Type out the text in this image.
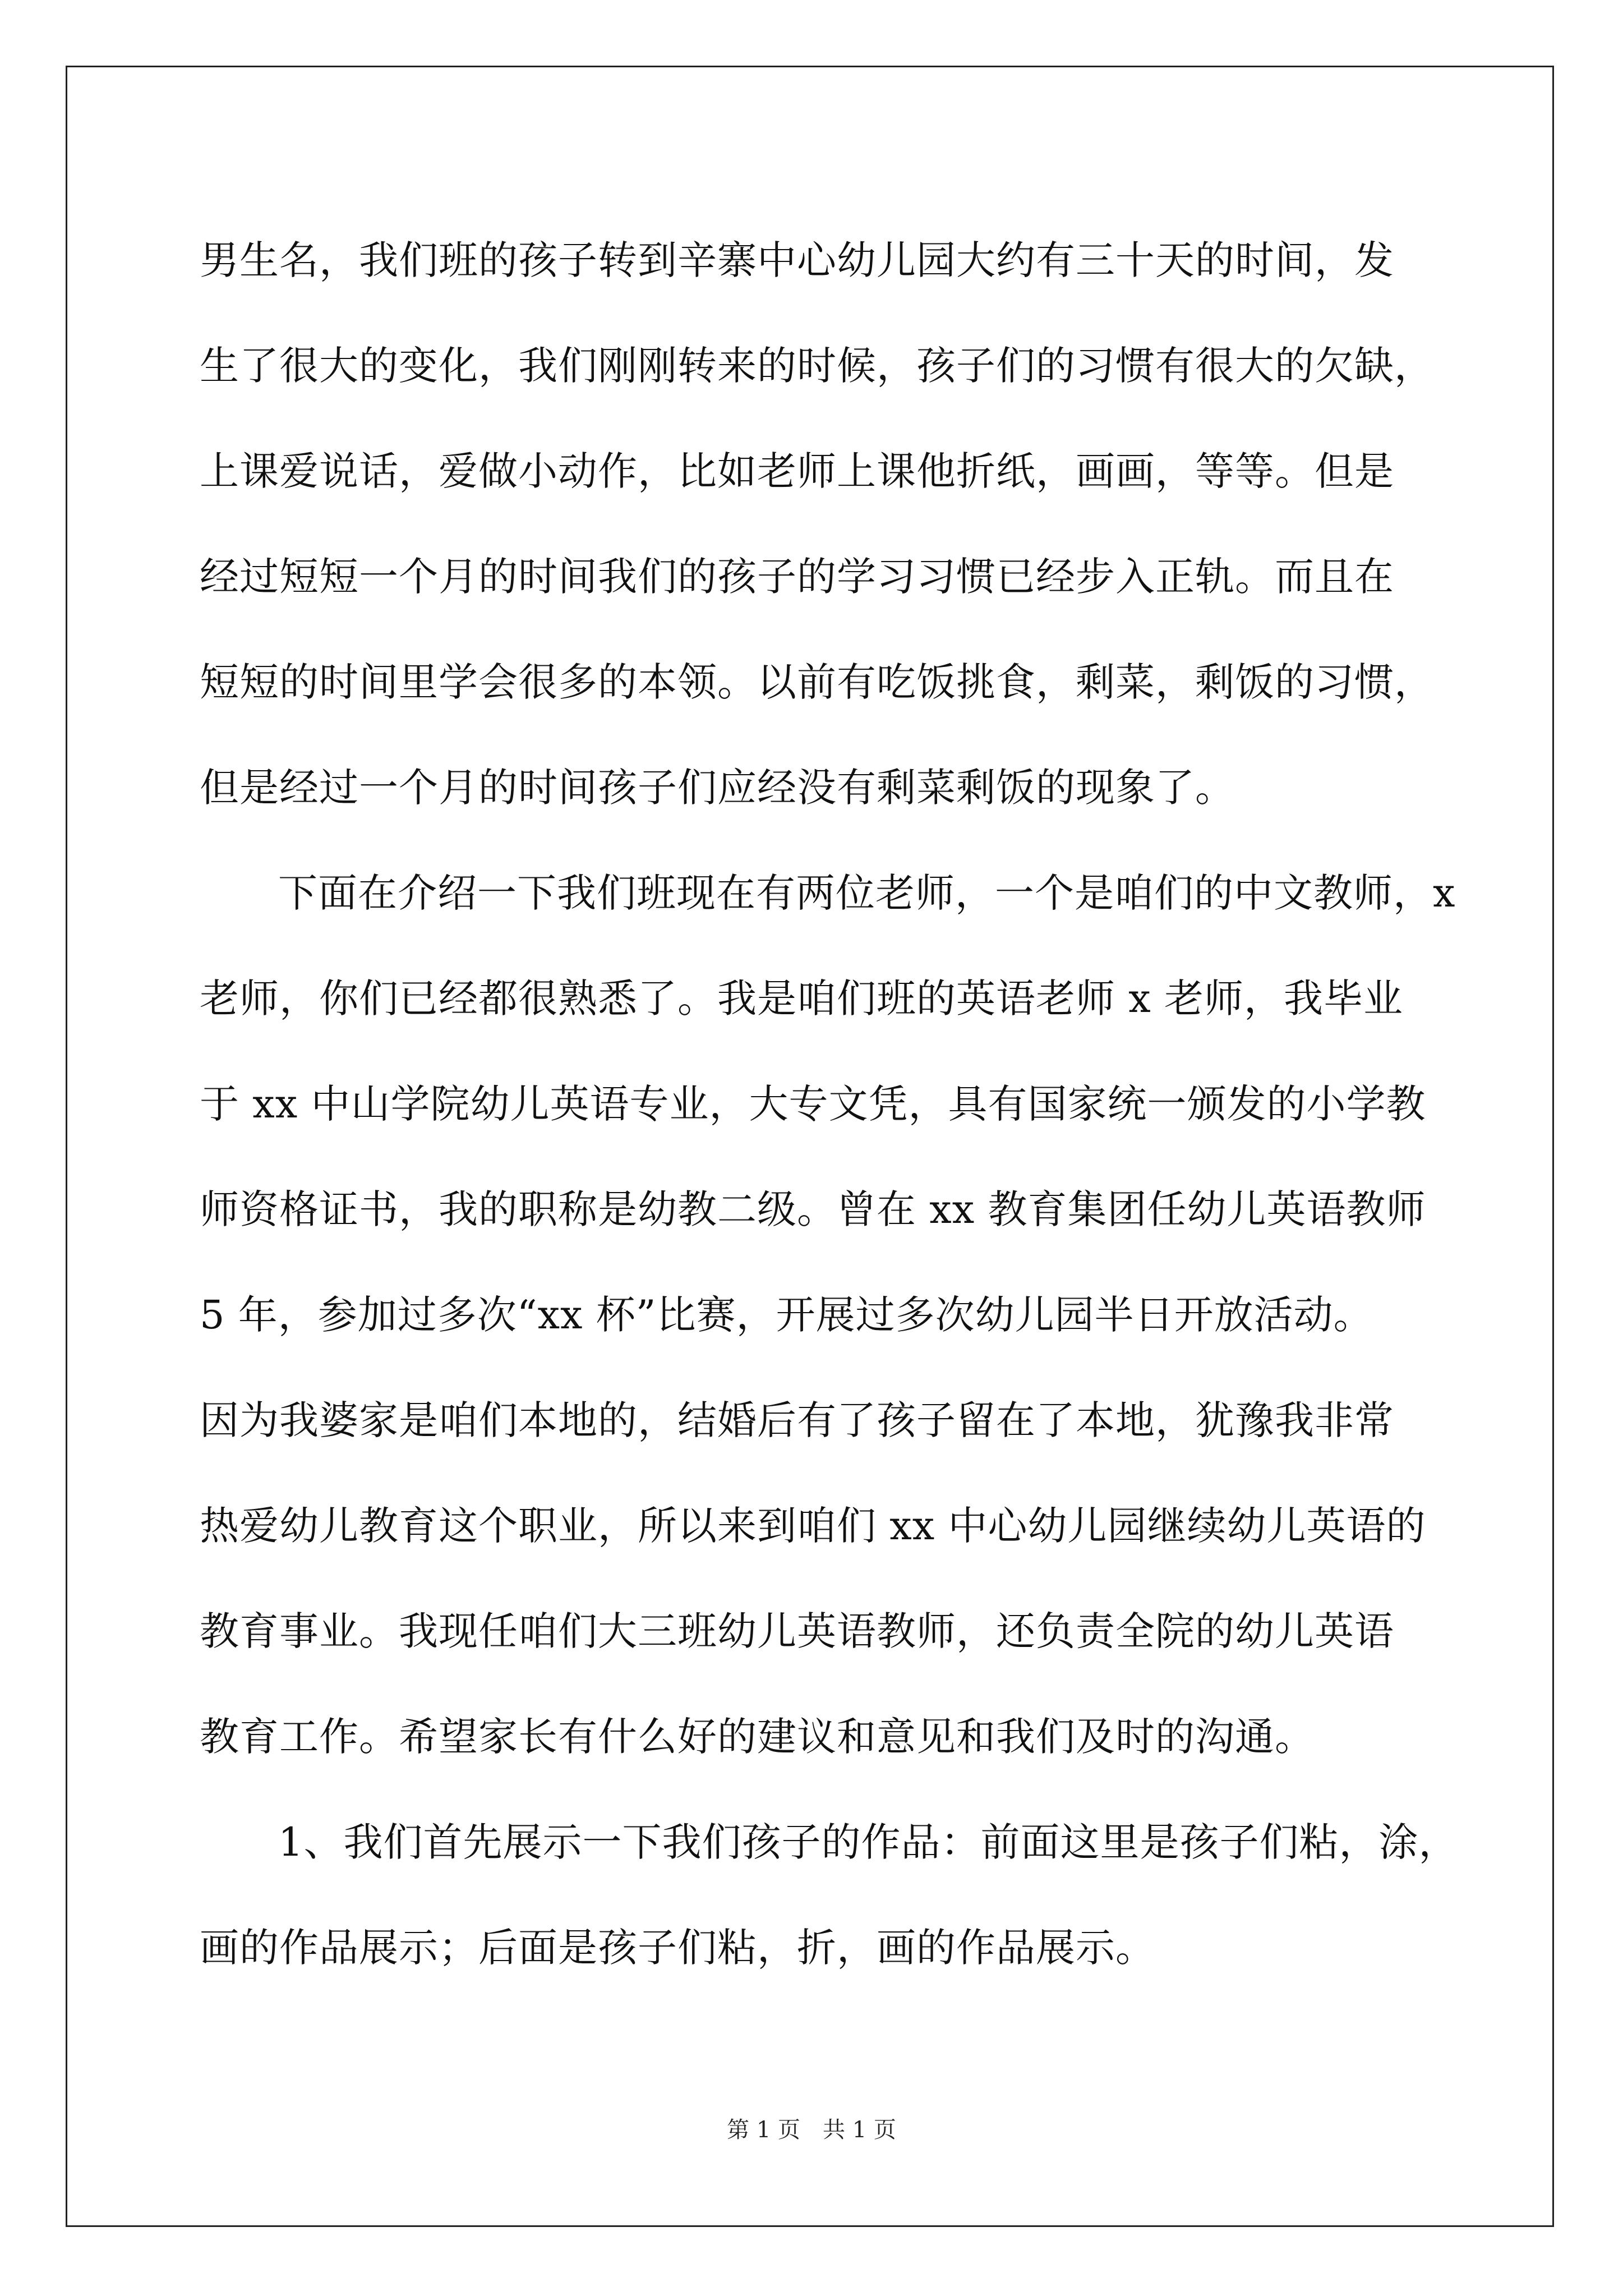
男生名，我们班的孩子转到辛寨中心幼儿园大约有三十天的时间，发
生了很大的变化，我们刚刚转来的时候，孩子们的习惯有很大的欠缺，
上课爱说话，爱做小动作，比如老师上课他折纸，画画，等等。但是
经过短短一个月的时间我们的孩子的学习习惯已经步入正轨。而且在
短短的时间里学会很多的本领。以前有吃饭挑食，剩菜，剩饭的习惯，
但是经过一个月的时间孩子们应经没有剩菜剩饭的现象了。
下面在介绍一下我们班现在有两位老师，一个是咱们的中文教师，x
老师，你们已经都很熟悉了。我是咱们班的英语老师 x 老师，我毕业
于 xx 中山学院幼儿英语专业，大专文凭，具有国家统一颁发的小学教
师资格证书，我的职称是幼教二级。曾在 xx 教育集团任幼儿英语教师
5 年，参加过多次“xx 杯”比赛，开展过多次幼儿园半日开放活动。
因为我婆家是咱们本地的，结婚后有了孩子留在了本地，犹豫我非常
热爱幼儿教育这个职业，所以来到咱们 xx 中心幼儿园继续幼儿英语的
教育事业。我现任咱们大三班幼儿英语教师，还负责全院的幼儿英语
教育工作。希望家长有什么好的建议和意见和我们及时的沟通。
1、我们首先展示一下我们孩子的作品：前面这里是孩子们粘，涂，
画的作品展示；后面是孩子们粘，折，画的作品展示。
第 1 页　共 1 页
